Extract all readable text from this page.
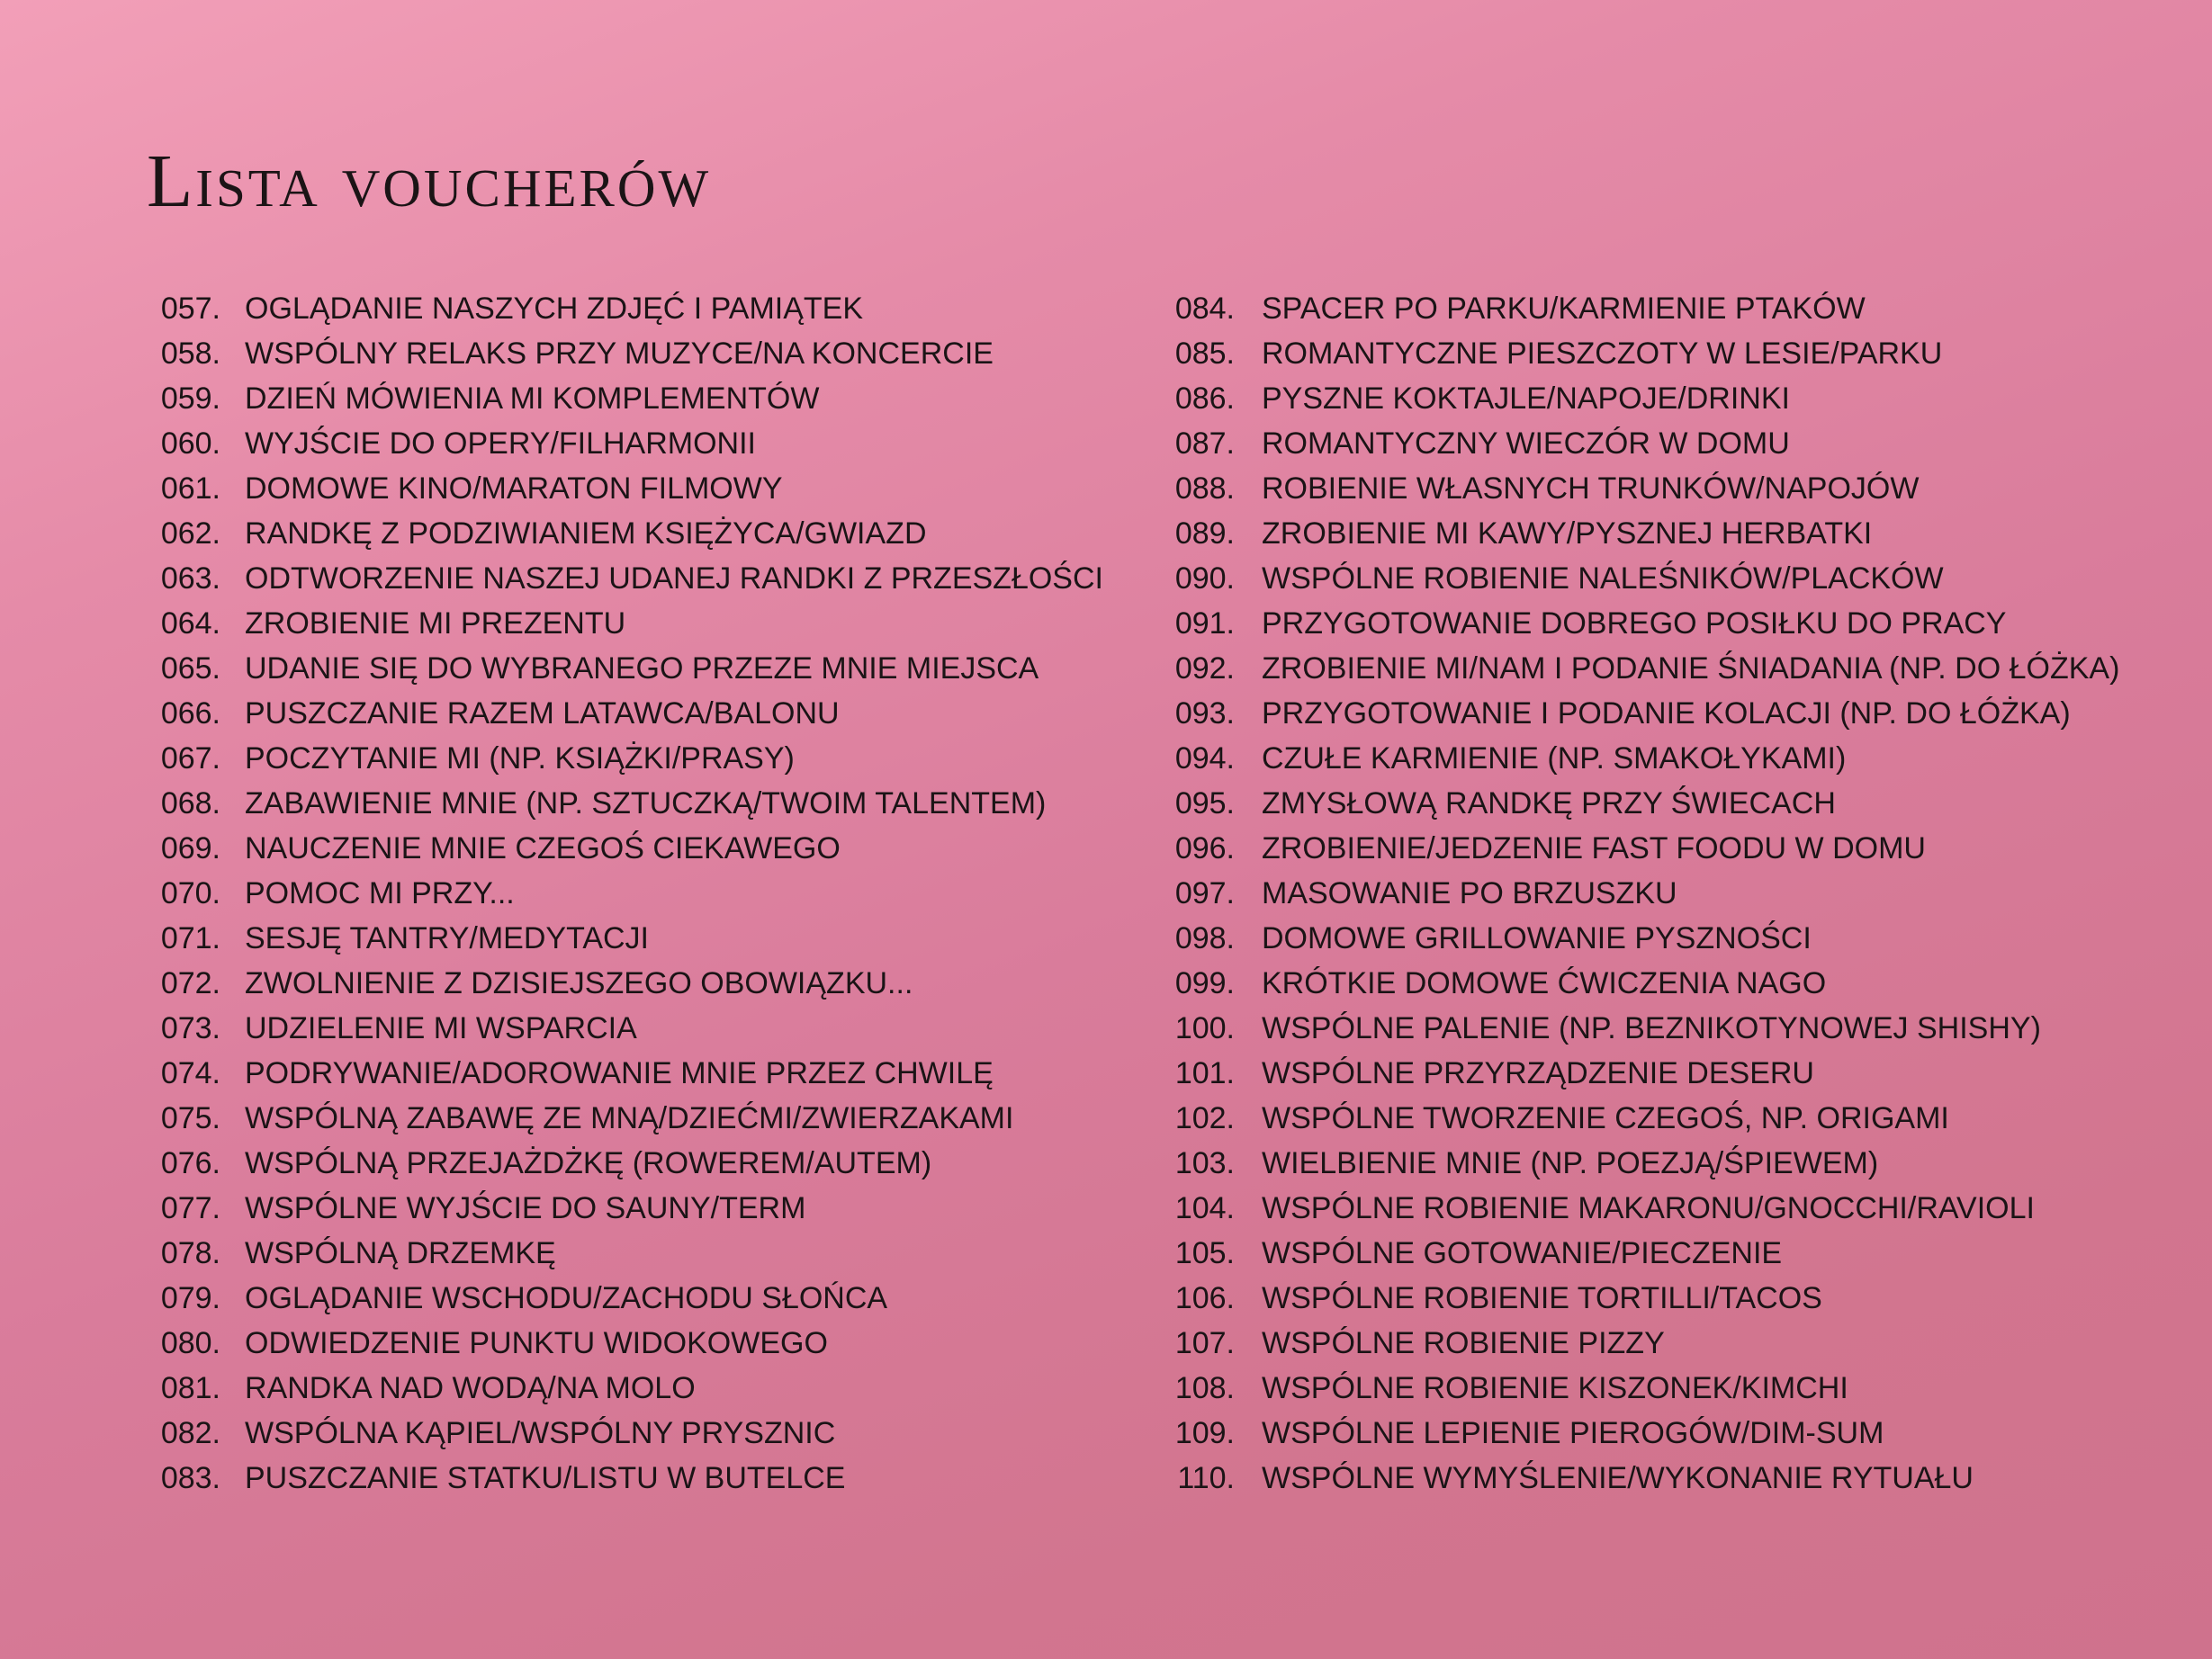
Lista voucherów
057. OGLĄDANIE NASZYCH ZDJĘĆ I PAMIĄTEK
058. WSPÓLNY RELAKS PRZY MUZYCE/NA KONCERCIE
059. DZIEŃ MÓWIENIA MI KOMPLEMENTÓW
060. WYJŚCIE DO OPERY/FILHARMONII
061. DOMOWE KINO/MARATON FILMOWY
062. RANDKĘ Z PODZIWIANIEM KSIĘŻYCA/GWIAZD
063. ODTWORZENIE NASZEJ UDANEJ RANDKI Z PRZESZŁOŚCI
064. ZROBIENIE MI PREZENTU
065. UDANIE SIĘ DO WYBRANEGO PRZEZE MNIE MIEJSCA
066. PUSZCZANIE RAZEM LATAWCA/BALONU
067. POCZYTANIE MI (NP. KSIĄŻKI/PRASY)
068. ZABAWIENIE MNIE (NP. SZTUCZKĄ/TWOIM TALENTEM)
069. NAUCZENIE MNIE CZEGOŚ CIEKAWEGO
070. POMOC MI PRZY...
071. SESJĘ TANTRY/MEDYTACJI
072. ZWOLNIENIE Z DZISIEJSZEGO OBOWIĄZKU...
073. UDZIELENIE MI WSPARCIA
074. PODRYWANIE/ADOROWANIE MNIE PRZEZ CHWILĘ
075. WSPÓLNĄ ZABAWĘ ZE MNĄ/DZIEĆMI/ZWIERZAKAMI
076. WSPÓLNĄ PRZEJAŻDŻKĘ (ROWEREM/AUTEM)
077. WSPÓLNE WYJŚCIE DO SAUNY/TERM
078. WSPÓLNĄ DRZEMKĘ
079. OGLĄDANIE WSCHODU/ZACHODU SŁOŃCA
080. ODWIEDZENIE PUNKTU WIDOKOWEGO
081. RANDKA NAD WODĄ/NA MOLO
082. WSPÓLNA KĄPIEL/WSPÓLNY PRYSZNIC
083. PUSZCZANIE STATKU/LISTU W BUTELCE
084. SPACER PO PARKU/KARMIENIE PTAKÓW
085. ROMANTYCZNE PIESZCZOTY W LESIE/PARKU
086. PYSZNE KOKTAJLE/NAPOJE/DRINKI
087. ROMANTYCZNY WIECZÓR W DOMU
088. ROBIENIE WŁASNYCH TRUNKÓW/NAPOJÓW
089. ZROBIENIE MI KAWY/PYSZNEJ HERBATKI
090. WSPÓLNE ROBIENIE NALEŚNIKÓW/PLACKÓW
091. PRZYGOTOWANIE DOBREGO POSIŁKU DO PRACY
092. ZROBIENIE MI/NAM I PODANIE ŚNIADANIA (NP. DO ŁÓŻKA)
093. PRZYGOTOWANIE I PODANIE KOLACJI (NP. DO ŁÓŻKA)
094. CZUŁE KARMIENIE (NP. SMAKOŁYKAMI)
095. ZMYSŁOWĄ RANDKĘ PRZY ŚWIECACH
096. ZROBIENIE/JEDZENIE FAST FOODU W DOMU
097. MASOWANIE PO BRZUSZKU
098. DOMOWE GRILLOWANIE PYSZNOŚCI
099. KRÓTKIE DOMOWE ĆWICZENIA NAGO
100. WSPÓLNE PALENIE (NP. BEZNIKOTYNOWEJ SHISHY)
101. WSPÓLNE PRZYRZĄDZENIE DESERU
102. WSPÓLNE TWORZENIE CZEGOŚ, NP. ORIGAMI
103. WIELBIENIE MNIE (NP. POEZJĄ/ŚPIEWEM)
104. WSPÓLNE ROBIENIE MAKARONU/GNOCCHI/RAVIOLI
105. WSPÓLNE GOTOWANIE/PIECZENIE
106. WSPÓLNE ROBIENIE TORTILLI/TACOS
107. WSPÓLNE ROBIENIE PIZZY
108. WSPÓLNE ROBIENIE KISZONEK/KIMCHI
109. WSPÓLNE LEPIENIE PIEROGÓW/DIM-SUM
110. WSPÓLNE WYMYŚLENIE/WYKONANIE RYTUAŁU
